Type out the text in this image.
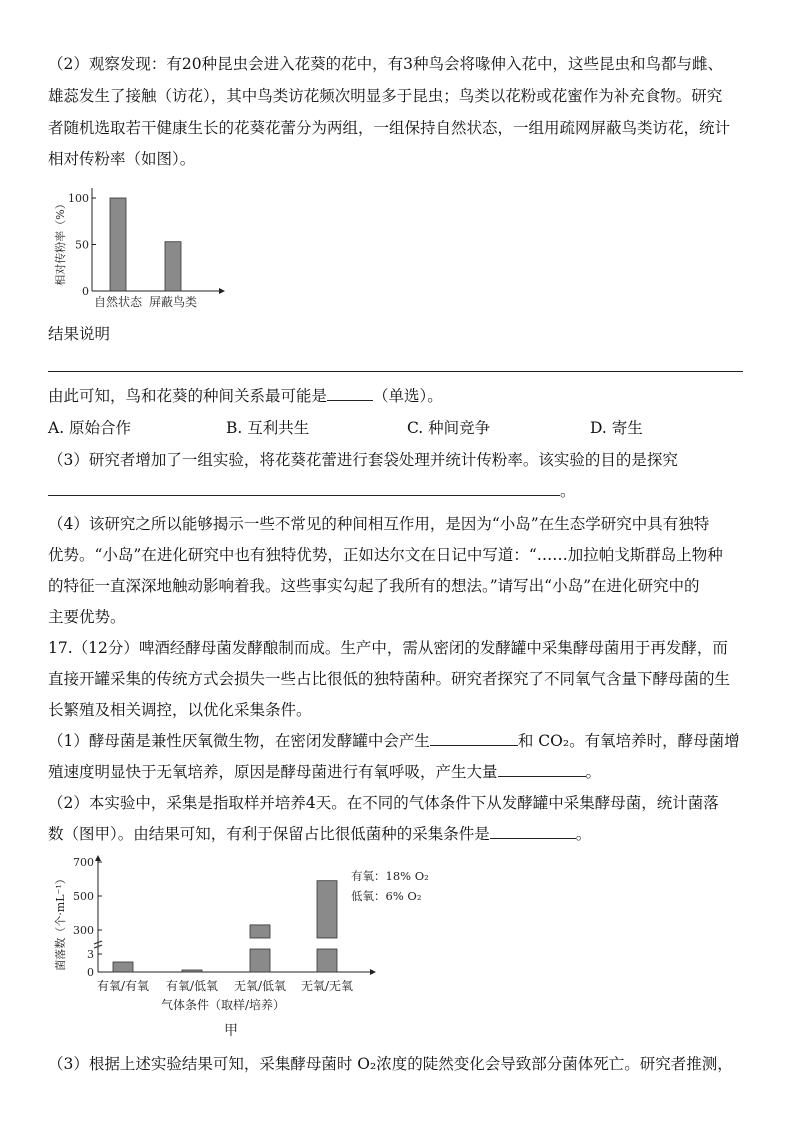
（2）观察发现：有20种昆虫会进入花葵的花中，有3种鸟会将喙伸入花中，这些昆虫和鸟都与雌、
雄蕊发生了接触（访花），其中鸟类访花频次明显多于昆虫；鸟类以花粉或花蜜作为补充食物。研究
者随机选取若干健康生长的花葵花蕾分为两组，一组保持自然状态，一组用疏网屏蔽鸟类访花，统计
相对传粉率（如图）。
相对传粉率（%）
0
50
100
自然状态 屏蔽鸟类
结果说明
由此可知，鸟和花葵的种间关系最可能是	（单选）。
A. 原始合作	B. 互利共生	C. 种间竞争	D. 寄生
（3）研究者增加了一组实验，将花葵花蕾进行套袋处理并统计传粉率。该实验的目的是探究
。
（4）该研究之所以能够揭示一些不常见的种间相互作用，是因为“小岛”在生态学研究中具有独特
优势。“小岛”在进化研究中也有独特优势，正如达尔文在日记中写道：“……加拉帕戈斯群岛上物种
的特征一直深深地触动影响着我。这些事实勾起了我所有的想法。”请写出“小岛”在进化研究中的
主要优势。
17.（12分）啤酒经酵母菌发酵酿制而成。生产中，需从密闭的发酵罐中采集酵母菌用于再发酵，而
直接开罐采集的传统方式会损失一些占比很低的独特菌种。研究者探究了不同氧气含量下酵母菌的生
长繁殖及相关调控，以优化采集条件。
（1）酵母菌是兼性厌氧微生物，在密闭发酵罐中会产生	和 CO₂。有氧培养时，酵母菌增
殖速度明显快于无氧培养，原因是酵母菌进行有氧呼吸，产生大量	。
（2）本实验中，采集是指取样并培养4天。在不同的气体条件下从发酵罐中采集酵母菌，统计菌落
数（图甲）。由结果可知，有利于保留占比很低菌种的采集条件是	。
菌落数（个·mL⁻¹）
0
3
300
500
700
有氧/有氧 有氧/低氧 无氧/低氧 无氧/无氧
有氧：18% O₂
低氧：6% O₂
气体条件（取样/培养）
甲
（3）根据上述实验结果可知，采集酵母菌时 O₂浓度的陡然变化会导致部分菌体死亡。研究者推测，
